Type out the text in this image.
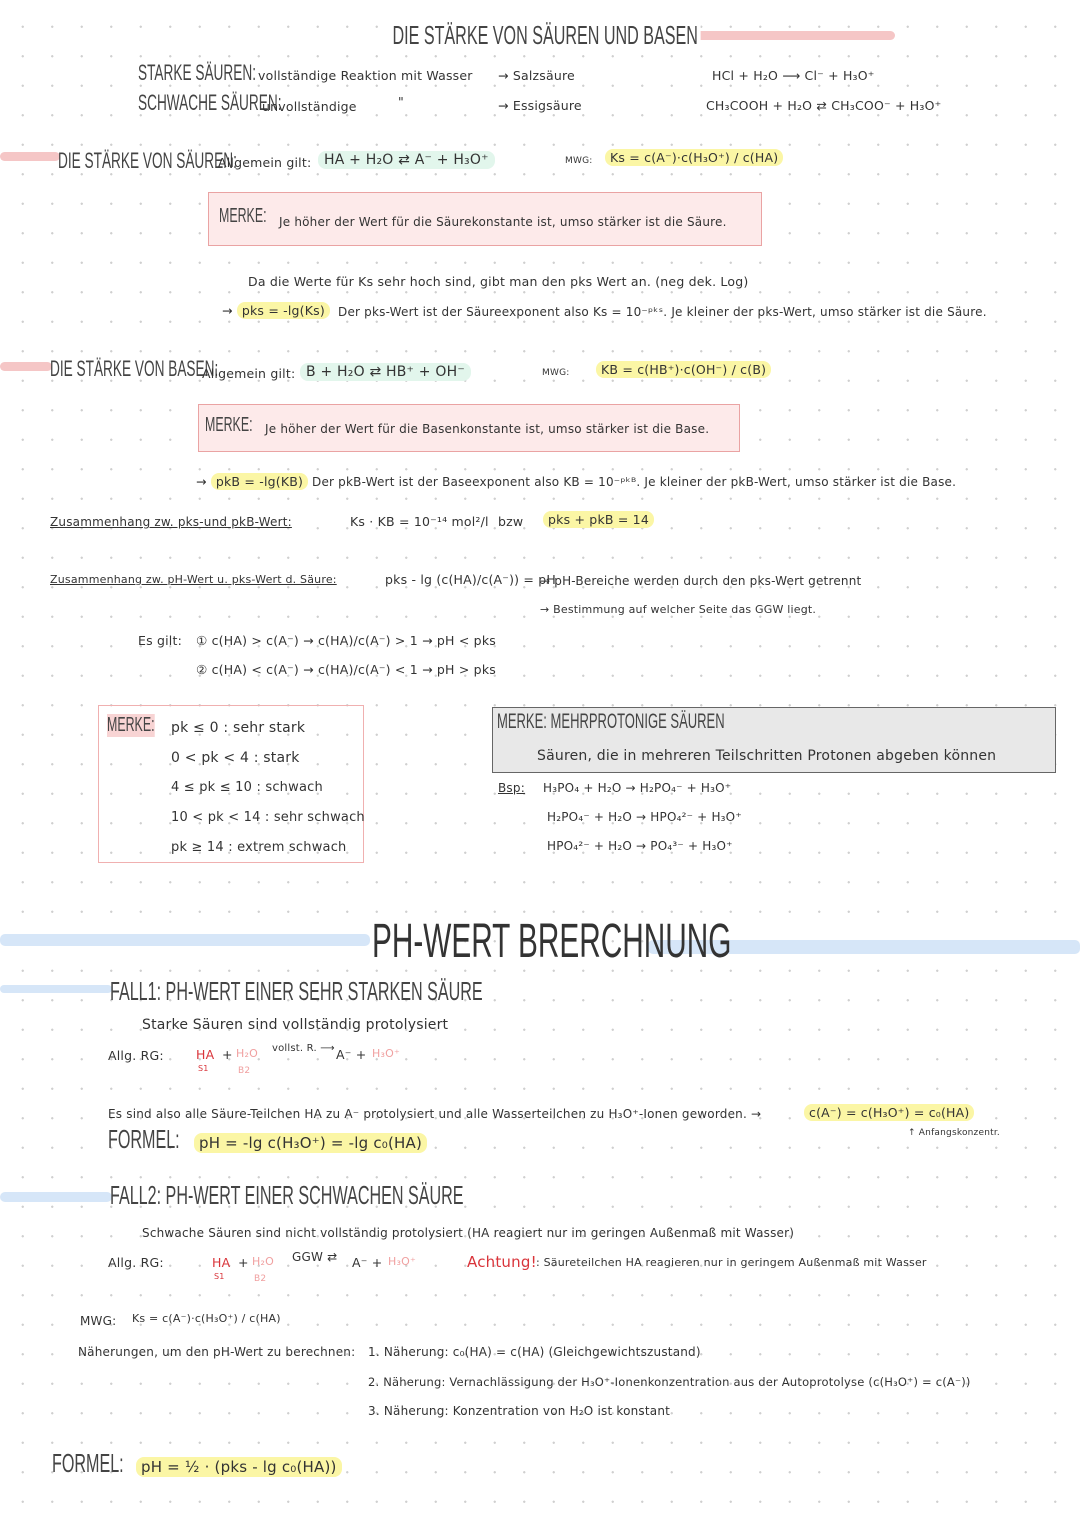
DIE STÄRKE VON SÄUREN UND BASEN
STARKE SÄUREN: vollständige Reaktion mit Wasser → Salzsäure	HCl + H₂O ⟶ Cl⁻ + H₃O⁺
SCHWACHE SÄUREN:
unvollständige	"	→ Essigsäure	CH₃COOH + H₂O ⇄ CH₃COO⁻ + H₃O⁺
DIE STÄRKE VON SÄUREN:
Allgemein gilt: HA + H₂O ⇄ A⁻ + H₃O⁺	MWG:	Ks = c(A⁻)·c(H₃O⁺) / c(HA)
MERKE: Je höher der Wert für die Säurekonstante ist, umso stärker ist die Säure.
Da die Werte für Ks sehr hoch sind, gibt man den pks Wert an. (neg dek. Log)
→ pks = -lg(Ks)	Der pks-Wert ist der Säureexponent also Ks = 10⁻ᵖᵏˢ. Je kleiner der pks-Wert, umso stärker ist die Säure.
DIE STÄRKE VON BASEN:
Allgemein gilt: B + H₂O ⇄ HB⁺ + OH⁻	MWG:	KB = c(HB⁺)·c(OH⁻) / c(B)
MERKE: Je höher der Wert für die Basenkonstante ist, umso stärker ist die Base.
→ pkB = -lg(KB) Der pkB-Wert ist der Baseexponent also KB = 10⁻ᵖᵏᴮ. Je kleiner der pkB-Wert, umso stärker ist die Base.
Zusammenhang zw. pks-und pkB-Wert:	Ks · KB = 10⁻¹⁴ mol²/l bzw	pks + pkB = 14
Zusammenhang zw. pH-Wert u. pks-Wert d. Säure:	pks - lg (c(HA)/c(A⁻)) = pH
→ pH-Bereiche werden durch den pks-Wert getrennt
→ Bestimmung auf welcher Seite das GGW liegt.
Es gilt: ① c(HA) > c(A⁻) → c(HA)/c(A⁻) > 1 → pH < pks
② c(HA) < c(A⁻) → c(HA)/c(A⁻) < 1 → pH > pks
MERKE: pk ≤ 0 : sehr stark
0 < pk < 4 : stark
4 ≤ pk ≤ 10 : schwach
10 < pk < 14 : sehr schwach
pk ≥ 14 : extrem schwach
MERKE: MEHRPROTONIGE SÄUREN
Säuren, die in mehreren Teilschritten Protonen abgeben können
Bsp: H₃PO₄ + H₂O → H₂PO₄⁻ + H₃O⁺
H₂PO₄⁻ + H₂O → HPO₄²⁻ + H₃O⁺
HPO₄²⁻ + H₂O → PO₄³⁻ + H₃O⁺
PH-WERT BRERCHNUNG
FALL1: PH-WERT EINER SEHR STARKEN SÄURE
Starke Säuren sind vollständig protolysiert
Allg. RG:	HA + H₂O vollst. R. ⟶ A⁻ + H₃O⁺
S1	B2
Es sind also alle Säure-Teilchen HA zu A⁻ protolysiert und alle Wasserteilchen zu H₃O⁺-Ionen geworden. →	c(A⁻) = c(H₃O⁺) = c₀(HA)
↑ Anfangskonzentr.
FORMEL:	pH = -lg c(H₃O⁺) = -lg c₀(HA)
FALL2: PH-WERT EINER SCHWACHEN SÄURE
Schwache Säuren sind nicht vollständig protolysiert (HA reagiert nur im geringen Außenmaß mit Wasser)
Allg. RG:	HA + H₂O GGW ⇄ A⁻ + H₃O⁺
S1	B2
Achtung! : Säureteilchen HA reagieren nur in geringem Außenmaß mit Wasser
MWG: Ks = c(A⁻)·c(H₃O⁺) / c(HA)
Näherungen, um den pH-Wert zu berechnen: 1. Näherung: c₀(HA) = c(HA) (Gleichgewichtszustand)
2. Näherung: Vernachlässigung der H₃O⁺-Ionenkonzentration aus der Autoprotolyse (c(H₃O⁺) = c(A⁻))
3. Näherung: Konzentration von H₂O ist konstant
FORMEL:	pH = ½ · (pks - lg c₀(HA))
